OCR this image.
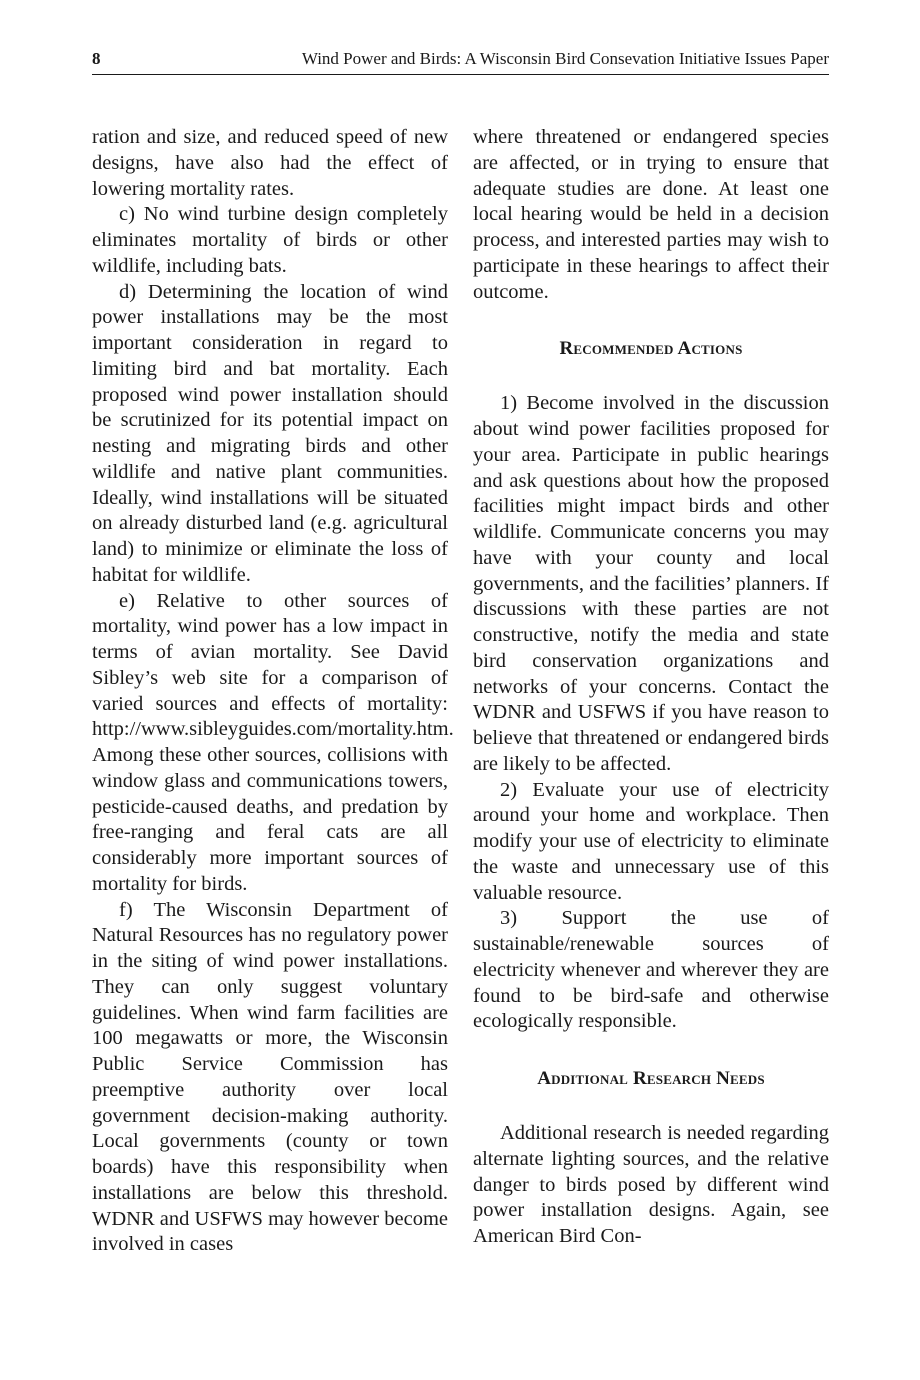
8	Wind Power and Birds: A Wisconsin Bird Consevation Initiative Issues Paper

ration and size, and reduced speed of new designs, have also had the effect of lowering mortality rates.

c) No wind turbine design completely eliminates mortality of birds or other wildlife, including bats.

d) Determining the location of wind power installations may be the most important consideration in regard to limiting bird and bat mortality. Each proposed wind power installation should be scrutinized for its potential impact on nesting and migrating birds and other wildlife and native plant communities. Ideally, wind installations will be situated on already disturbed land (e.g. agricultural land) to minimize or eliminate the loss of habitat for wildlife.

e) Relative to other sources of mortality, wind power has a low impact in terms of avian mortality. See David Sibley’s web site for a comparison of varied sources and effects of mortality: http://www.sibleyguides.com/mortality.htm. Among these other sources, collisions with window glass and communications towers, pesticide-caused deaths, and predation by free-ranging and feral cats are all considerably more important sources of mortality for birds.

f) The Wisconsin Department of Natural Resources has no regulatory power in the siting of wind power installations. They can only suggest voluntary guidelines. When wind farm facilities are 100 megawatts or more, the Wisconsin Public Service Commission has preemptive authority over local government decision-making authority. Local governments (county or town boards) have this responsibility when installations are below this threshold. WDNR and USFWS may however become involved in cases

where threatened or endangered species are affected, or in trying to ensure that adequate studies are done. At least one local hearing would be held in a decision process, and interested parties may wish to participate in these hearings to affect their outcome.

Recommended Actions

1) Become involved in the discussion about wind power facilities proposed for your area. Participate in public hearings and ask questions about how the proposed facilities might impact birds and other wildlife. Communicate concerns you may have with your county and local governments, and the facilities’ planners. If discussions with these parties are not constructive, notify the media and state bird conservation organizations and networks of your concerns. Contact the WDNR and USFWS if you have reason to believe that threatened or endangered birds are likely to be affected.

2) Evaluate your use of electricity around your home and workplace. Then modify your use of electricity to eliminate the waste and unnecessary use of this valuable resource.

3) Support the use of sustainable/renewable sources of electricity whenever and wherever they are found to be bird-safe and otherwise ecologically responsible.

Additional Research Needs

Additional research is needed regarding alternate lighting sources, and the relative danger to birds posed by different wind power installation designs. Again, see American Bird Con-
